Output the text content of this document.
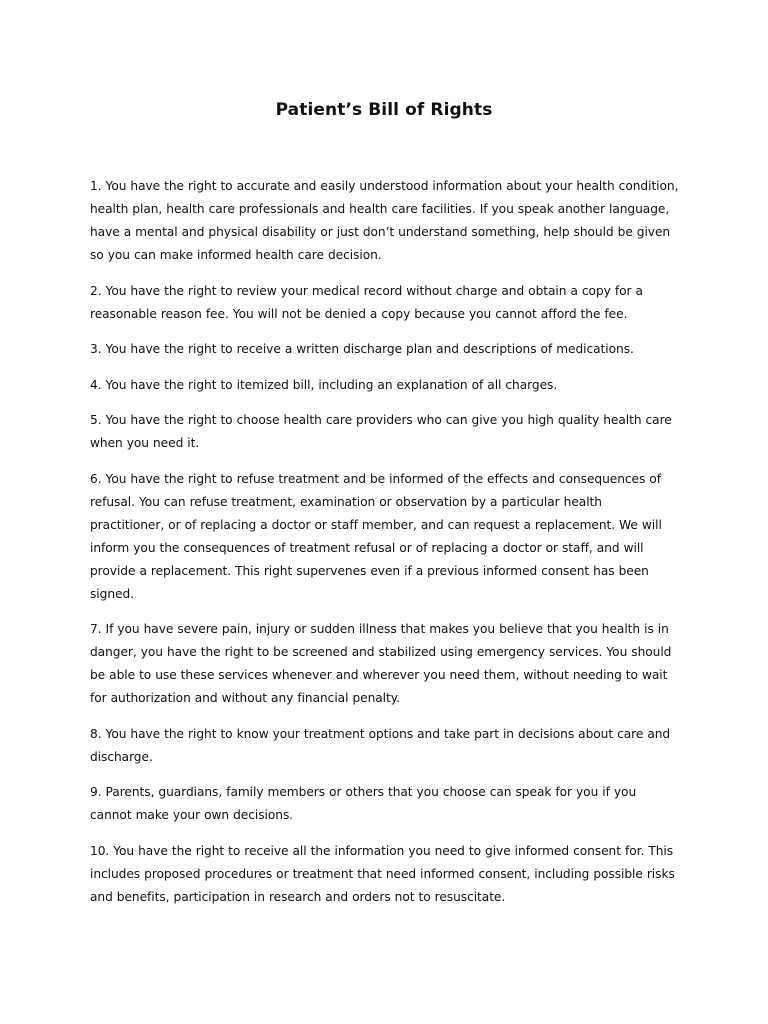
Patient’s Bill of Rights
1. You have the right to accurate and easily understood information about your health condition, health plan, health care professionals and health care facilities. If you speak another language, have a mental and physical disability or just don’t understand something, help should be given so you can make informed health care decision.
2. You have the right to review your medical record without charge and obtain a copy for a reasonable reason fee. You will not be denied a copy because you cannot afford the fee.
3. You have the right to receive a written discharge plan and descriptions of medications.
4. You have the right to itemized bill, including an explanation of all charges.
5. You have the right to choose health care providers who can give you high quality health care when you need it.
6. You have the right to refuse treatment and be informed of the effects and consequences of refusal. You can refuse treatment, examination or observation by a particular health practitioner, or of replacing a doctor or staff member, and can request a replacement. We will inform you the consequences of treatment refusal or of replacing a doctor or staff, and will provide a replacement. This right supervenes even if a previous informed consent has been signed.
7. If you have severe pain, injury or sudden illness that makes you believe that you health is in danger, you have the right to be screened and stabilized using emergency services. You should be able to use these services whenever and wherever you need them, without needing to wait for authorization and without any financial penalty.
8. You have the right to know your treatment options and take part in decisions about care and discharge.
9. Parents, guardians, family members or others that you choose can speak for you if you cannot make your own decisions.
10. You have the right to receive all the information you need to give informed consent for. This includes proposed procedures or treatment that need informed consent, including possible risks and benefits, participation in research and orders not to resuscitate.
